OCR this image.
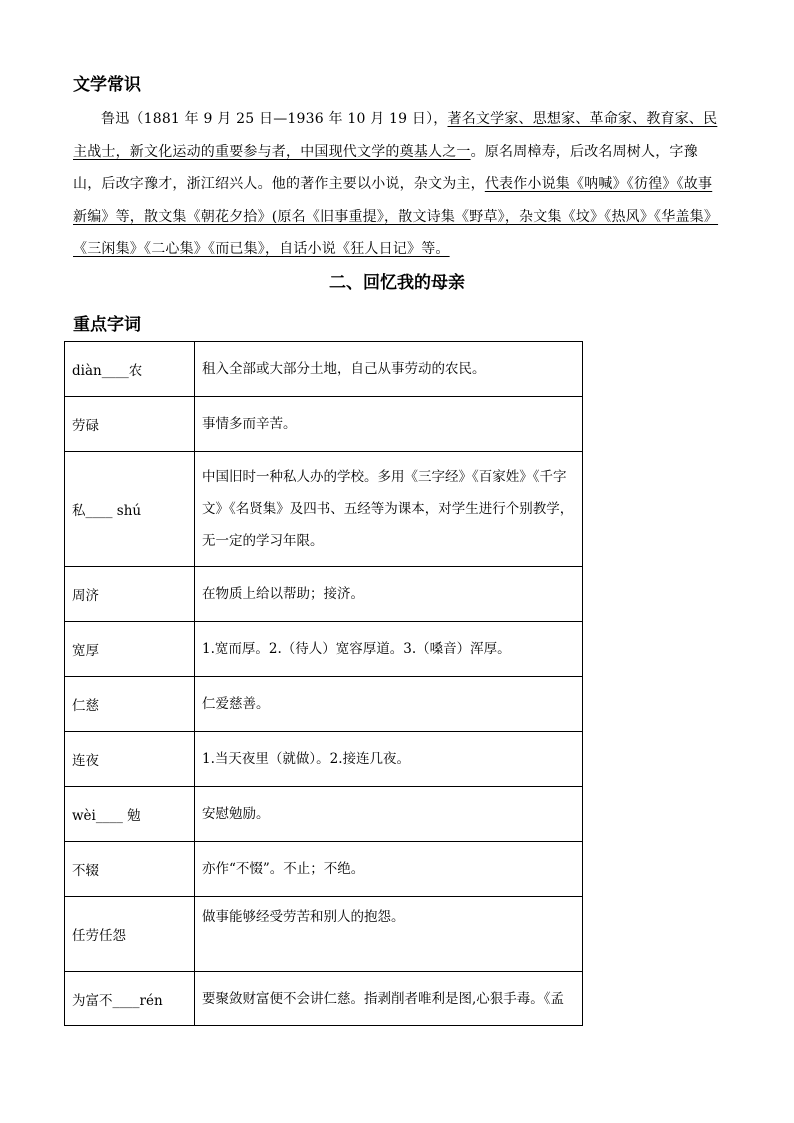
文学常识

鲁迅（1881 年 9 月 25 日—1936 年 10 月 19 日），著名文学家、思想家、革命家、教育家、民主战士，新文化运动的重要参与者，中国现代文学的奠基人之一。原名周樟寿，后改名周树人，字豫山，后改字豫才，浙江绍兴人。他的著作主要以小说，杂文为主，代表作小说集《呐喊》《彷徨》《故事新编》等，散文集《朝花夕拾》(原名《旧事重提》，散文诗集《野草》，杂文集《坟》《热风》《华盖集》《三闲集》《二心集》《而已集》，自话小说《狂人日记》等。

二、回忆我的母亲
重点字词
diàn____农	租入全部或大部分土地，自己从事劳动的农民。
劳碌	事情多而辛苦。
私____ shú	中国旧时一种私人办的学校。多用《三字经》《百家姓》《千字文》《名贤集》及四书、五经等为课本，对学生进行个别教学，无一定的学习年限。
周济	在物质上给以帮助；接济。
宽厚	1.宽而厚。2.（待人）宽容厚道。3.（嗓音）浑厚。
仁慈	仁爱慈善。
连夜	1.当天夜里（就做）。2.接连几夜。
wèi____ 勉	安慰勉励。
不辍	亦作“不惙”。不止；不绝。
任劳任怨	做事能够经受劳苦和别人的抱怨。
为富不____rén	要聚敛财富便不会讲仁慈。指剥削者唯利是图,心狠手毒。《孟
